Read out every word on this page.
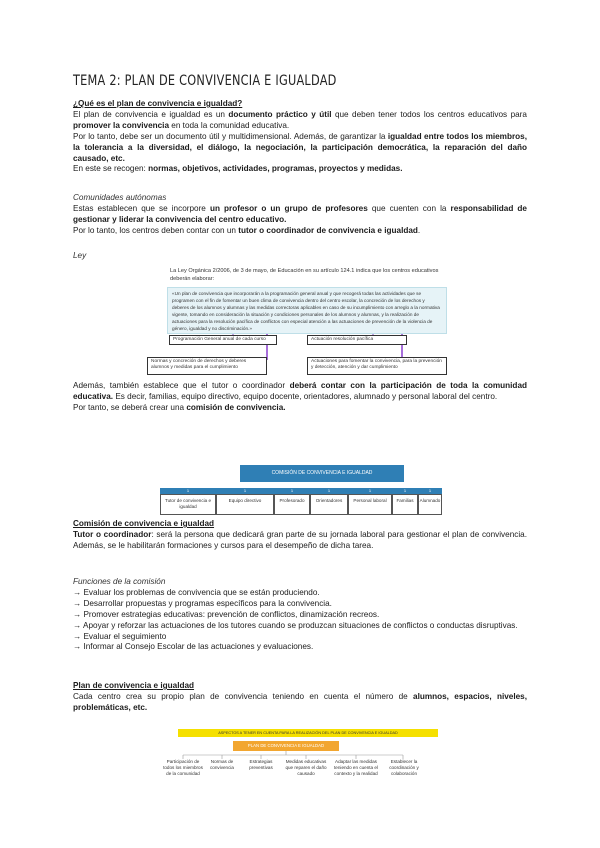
TEMA 2: PLAN DE CONVIVENCIA E IGUALDAD

¿Qué es el plan de convivencia e igualdad?

El plan de convivencia e igualdad es un documento práctico y útil que deben tener todos los centros educativos para promover la convivencia en toda la comunidad educativa.

Por lo tanto, debe ser un documento útil y multidimensional. Además, de garantizar la igualdad entre todos los miembros, la tolerancia a la diversidad, el diálogo, la negociación, la participación democrática, la reparación del daño causado, etc.

En este se recogen: normas, objetivos, actividades, programas, proyectos y medidas.

Comunidades autónomas

Estas establecen que se incorpore un profesor o un grupo de profesores que cuenten con la responsabilidad de gestionar y liderar la convivencia del centro educativo.

Por lo tanto, los centros deben contar con un tutor o coordinador de convivencia e igualdad.

Ley

La Ley Orgánica 2/2006, de 3 de mayo, de Educación en su artículo 124.1 indica que los centros educativos deberán elaborar:
«Un plan de convivencia que incorporarán a la programación general anual y que recogerá todas las actividades que se programen con el fin de fomentar un buen clima de convivencia dentro del centro escolar, la concreción de los derechos y deberes de los alumnos y alumnas y las medidas correctoras aplicables en caso de su incumplimiento con arreglo a la normativa vigente, tomando en consideración la situación y condiciones personales de los alumnos y alumnas, y la realización de actuaciones para la resolución pacífica de conflictos con especial atención a las actuaciones de prevención de la violencia de género, igualdad y no discriminación.»
Programación General anual de cada curso	Actuación resolución pacífica
Normas y concreción de derechos y deberes alumnos y medidas para el cumplimiento
Actuaciones para fomentar la convivencia, para la prevención y detección, atención y dar cumplimiento

Además, también establece que el tutor o coordinador deberá contar con la participación de toda la comunidad educativa. Es decir, familias, equipo directivo, equipo docente, orientadores, alumnado y personal laboral del centro.

Por tanto, se deberá crear una comisión de convivencia.

COMISIÓN DE CONVIVENCIA E IGUALDAD
1
Tutor de convivencia e igualdad
1
Equipo directivo
1
Profesorado
1
Orientadores
1
Personal laboral
1
Familias
1
Alumnado

Comisión de convivencia e igualdad

Tutor o coordinador: será la persona que dedicará gran parte de su jornada laboral para gestionar el plan de convivencia. Además, se le habilitarán formaciones y cursos para el desempeño de dicha tarea.

Funciones de la comisión

→ Evaluar los problemas de convivencia que se están produciendo.

→ Desarrollar propuestas y programas específicos para la convivencia.

→ Promover estrategias educativas: prevención de conflictos, dinamización recreos.

→ Apoyar y reforzar las actuaciones de los tutores cuando se produzcan situaciones de conflictos o conductas disruptivas.

→ Evaluar el seguimiento

→ Informar al Consejo Escolar de las actuaciones y evaluaciones.

Plan de convivencia e igualdad

Cada centro crea su propio plan de convivencia teniendo en cuenta el número de alumnos, espacios, niveles, problemáticas, etc.

ASPECTOS A TENER EN CUENTA PARA LA REALIZACIÓN DEL PLAN DE CONVIVENCIA E IGUALDAD
PLAN DE CONVIVENCIA E IGUALDAD
Participación de todos los miembros de la comunidad
Normas de convivencia
Estrategias preventivas
Medidas educativas que reparen el daño causado
Adaptar las medidas teniendo en cuenta el contexto y la realidad
Establecer la coordinación y colaboración
